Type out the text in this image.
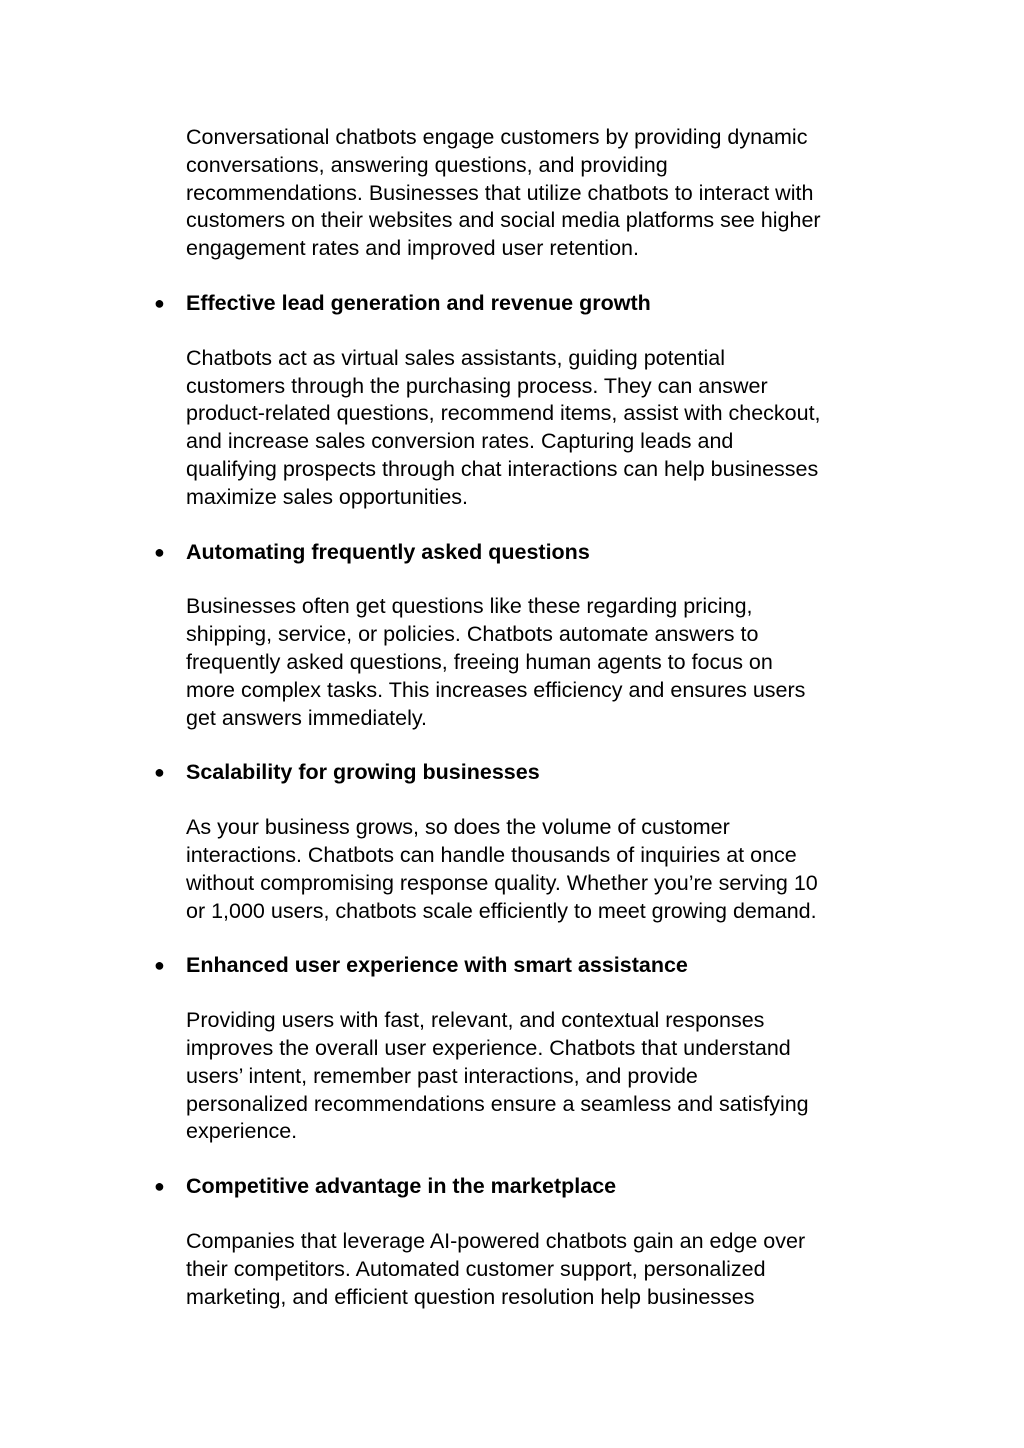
Conversational chatbots engage customers by providing dynamic
conversations, answering questions, and providing
recommendations. Businesses that utilize chatbots to interact with
customers on their websites and social media platforms see higher
engagement rates and improved user retention.

● Effective lead generation and revenue growth

Chatbots act as virtual sales assistants, guiding potential
customers through the purchasing process. They can answer
product-related questions, recommend items, assist with checkout,
and increase sales conversion rates. Capturing leads and
qualifying prospects through chat interactions can help businesses
maximize sales opportunities.

● Automating frequently asked questions

Businesses often get questions like these regarding pricing,
shipping, service, or policies. Chatbots automate answers to
frequently asked questions, freeing human agents to focus on
more complex tasks. This increases efficiency and ensures users
get answers immediately.

● Scalability for growing businesses

As your business grows, so does the volume of customer
interactions. Chatbots can handle thousands of inquiries at once
without compromising response quality. Whether you’re serving 10
or 1,000 users, chatbots scale efficiently to meet growing demand.

● Enhanced user experience with smart assistance

Providing users with fast, relevant, and contextual responses
improves the overall user experience. Chatbots that understand
users’ intent, remember past interactions, and provide
personalized recommendations ensure a seamless and satisfying
experience.

● Competitive advantage in the marketplace

Companies that leverage AI-powered chatbots gain an edge over
their competitors. Automated customer support, personalized
marketing, and efficient question resolution help businesses
